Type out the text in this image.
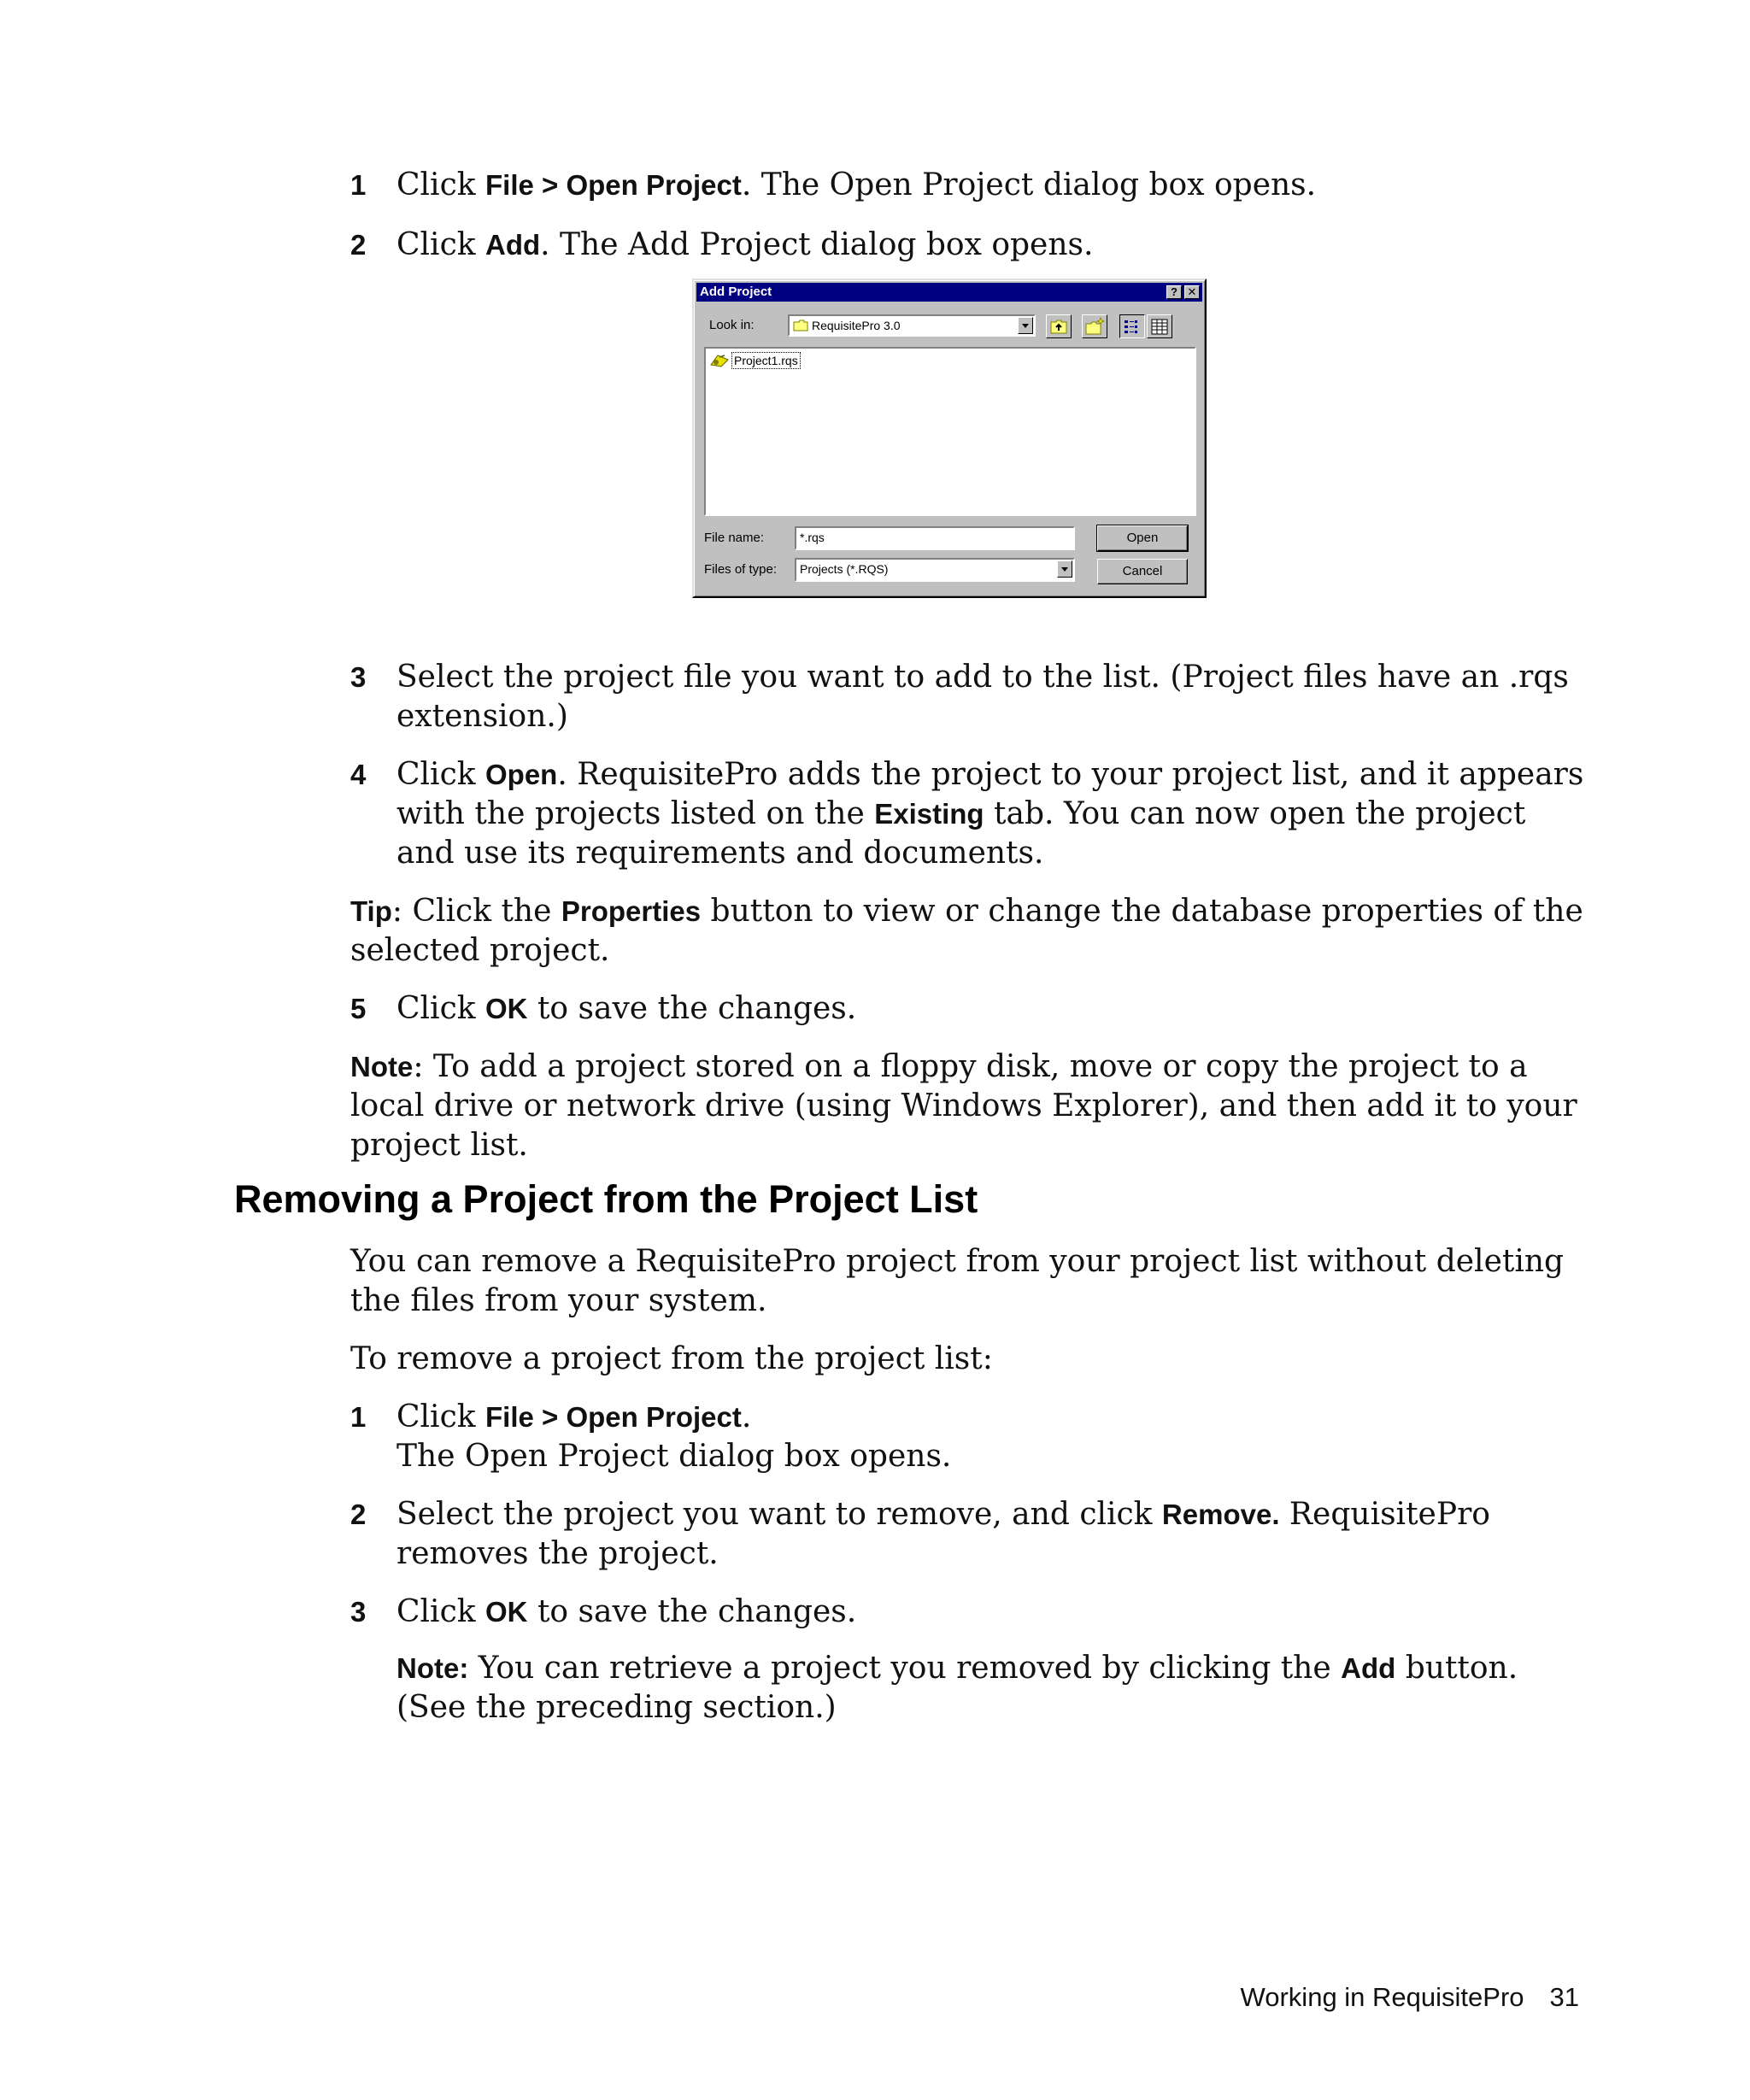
1 Click File > Open Project. The Open Project dialog box opens.
2 Click Add. The Add Project dialog box opens.
Add Project	? ✕
Look in:	RequisitePro 3.0
Project1.rqs
File name:	*.rqs
Files of type:	Projects (*.RQS)
Open
Cancel
3 Select the project file you want to add to the list. (Project files have an .rqs extension.)
4 Click Open. RequisitePro adds the project to your project list, and it appears with the projects listed on the Existing tab. You can now open the project and use its requirements and documents.
Tip: Click the Properties button to view or change the database properties of the selected project.
5 Click OK to save the changes.
Note: To add a project stored on a floppy disk, move or copy the project to a local drive or network drive (using Windows Explorer), and then add it to your project list.
Removing a Project from the Project List
You can remove a RequisitePro project from your project list without deleting the files from your system.
To remove a project from the project list:
1 Click File > Open Project.
The Open Project dialog box opens.
2 Select the project you want to remove, and click Remove. RequisitePro removes the project.
3 Click OK to save the changes.
Note: You can retrieve a project you removed by clicking the Add button. (See the preceding section.)
Working in RequisitePro 31
